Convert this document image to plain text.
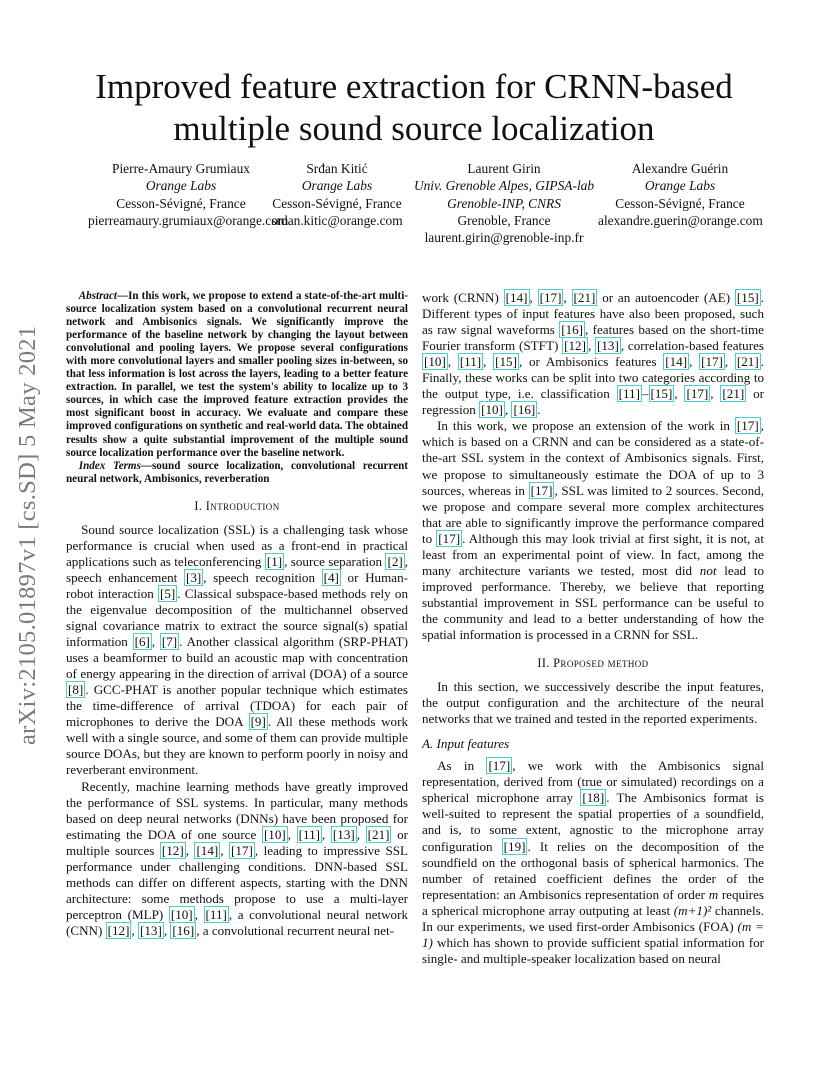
arXiv:2105.01897v1 [cs.SD] 5 May 2021
Improved feature extraction for CRNN-based multiple sound source localization
Pierre-Amaury Grumiaux
Orange Labs
Cesson-Sévigné, France
pierreamaury.grumiaux@orange.com
Srđan Kitić
Orange Labs
Cesson-Sévigné, France
srdan.kitic@orange.com
Laurent Girin
Univ. Grenoble Alpes, GIPSA-lab
Grenoble-INP, CNRS
Grenoble, France
laurent.girin@grenoble-inp.fr
Alexandre Guérin
Orange Labs
Cesson-Sévigné, France
alexandre.guerin@orange.com

Abstract—In this work, we propose to extend a state-of-the-art multi-source localization system based on a convolutional recurrent neural network and Ambisonics signals. We significantly improve the performance of the baseline network by changing the layout between convolutional and pooling layers. We propose several configurations with more convolutional layers and smaller pooling sizes in-between, so that less information is lost across the layers, leading to a better feature extraction. In parallel, we test the system's ability to localize up to 3 sources, in which case the improved feature extraction provides the most significant boost in accuracy. We evaluate and compare these improved configurations on synthetic and real-world data. The obtained results show a quite substantial improvement of the multiple sound source localization performance over the baseline network.

Index Terms—sound source localization, convolutional recurrent neural network, Ambisonics, reverberation

I. Introduction

Sound source localization (SSL) is a challenging task whose performance is crucial when used as a front-end in practical applications such as teleconferencing [1] , source separation [2] , speech enhancement [3] , speech recognition [4] or Human-robot interaction [5] . Classical subspace-based methods rely on the eigenvalue decomposition of the multichannel observed signal covariance matrix to extract the source signal(s) spatial information [6] , [7] . Another classical algorithm (SRP-PHAT) uses a beamformer to build an acoustic map with concentration of energy appearing in the direction of arrival (DOA) of a source [8] . GCC-PHAT is another popular technique which estimates the time-difference of arrival (TDOA) for each pair of microphones to derive the DOA [9] . All these methods work well with a single source, and some of them can provide multiple source DOAs, but they are known to perform poorly in noisy and reverberant environment.

Recently, machine learning methods have greatly improved the performance of SSL systems. In particular, many methods based on deep neural networks (DNNs) have been proposed for estimating the DOA of one source [10] , [11] , [13] , [21] or multiple sources [12] , [14] , [17] , leading to impressive SSL performance under challenging conditions. DNN-based SSL methods can differ on different aspects, starting with the DNN architecture: some methods propose to use a multi-layer perceptron (MLP) [10] , [11] , a convolutional neural network (CNN) [12] , [13] , [16] , a convolutional recurrent neural net-

work (CRNN) [14] , [17] , [21] or an autoencoder (AE) [15] . Different types of input features have also been proposed, such as raw signal waveforms [16] , features based on the short-time Fourier transform (STFT) [12] , [13] , correlation-based features [10] , [11] , [15] , or Ambisonics features [14] , [17] , [21] . Finally, these works can be split into two categories according to the output type, i.e. classification [11] – [15] , [17] , [21] or regression [10] , [16] .

In this work, we propose an extension of the work in [17] , which is based on a CRNN and can be considered as a state-of-the-art SSL system in the context of Ambisonics signals. First, we propose to simultaneously estimate the DOA of up to 3 sources, whereas in [17] , SSL was limited to 2 sources. Second, we propose and compare several more complex architectures that are able to significantly improve the performance compared to [17] . Although this may look trivial at first sight, it is not, at least from an experimental point of view. In fact, among the many architecture variants we tested, most did not lead to improved performance. Thereby, we believe that reporting substantial improvement in SSL performance can be useful to the community and lead to a better understanding of how the spatial information is processed in a CRNN for SSL.

II. Proposed method

In this section, we successively describe the input features, the output configuration and the architecture of the neural networks that we trained and tested in the reported experiments.

A. Input features

As in [17] , we work with the Ambisonics signal representation, derived from (true or simulated) recordings on a spherical microphone array [18] . The Ambisonics format is well-suited to represent the spatial properties of a soundfield, and is, to some extent, agnostic to the microphone array configuration [19] . It relies on the decomposition of the soundfield on the orthogonal basis of spherical harmonics. The number of retained coefficient defines the order of the representation: an Ambisonics representation of order m requires a spherical microphone array outputing at least (m+1)² channels. In our experiments, we used first-order Ambisonics (FOA) (m = 1) which has shown to provide sufficient spatial information for single- and multiple-speaker localization based on neural
